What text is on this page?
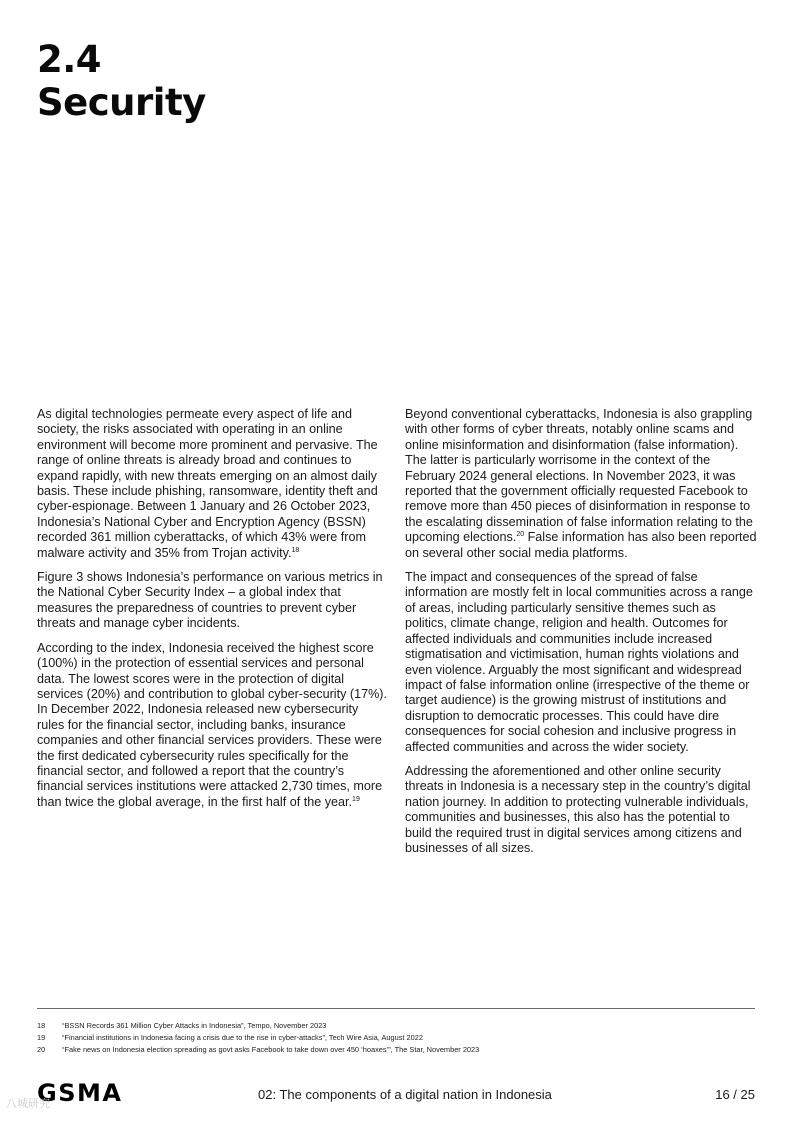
2.4
Security

As digital technologies permeate every aspect of life and society, the risks associated with operating in an online environment will become more prominent and pervasive. The range of online threats is already broad and continues to expand rapidly, with new threats emerging on an almost daily basis. These include phishing, ransomware, identity theft and cyber-espionage. Between 1 January and 26 October 2023, Indonesia’s National Cyber and Encryption Agency (BSSN) recorded 361 million cyberattacks, of which 43% were from malware activity and 35% from Trojan activity.$^{18}$

Figure 3 shows Indonesia’s performance on various metrics in the National Cyber Security Index – a global index that measures the preparedness of countries to prevent cyber threats and manage cyber incidents.

According to the index, Indonesia received the highest score (100%) in the protection of essential services and personal data. The lowest scores were in the protection of digital services (20%) and contribution to global cyber-security (17%). In December 2022, Indonesia released new cybersecurity rules for the financial sector, including banks, insurance companies and other financial services providers. These were the first dedicated cybersecurity rules specifically for the financial sector, and followed a report that the country’s financial services institutions were attacked 2,730 times, more than twice the global average, in the first half of the year.$^{19}$

Beyond conventional cyberattacks, Indonesia is also grappling with other forms of cyber threats, notably online scams and online misinformation and disinformation (false information). The latter is particularly worrisome in the context of the February 2024 general elections. In November 2023, it was reported that the government officially requested Facebook to remove more than 450 pieces of disinformation in response to the escalating dissemination of false information relating to the upcoming elections.$^{20}$ False information has also been reported on several other social media platforms.

The impact and consequences of the spread of false information are mostly felt in local communities across a range of areas, including particularly sensitive themes such as politics, climate change, religion and health. Outcomes for affected individuals and communities include increased stigmatisation and victimisation, human rights violations and even violence. Arguably the most significant and widespread impact of false information online (irrespective of the theme or target audience) is the growing mistrust of institutions and disruption to democratic processes. This could have dire consequences for social cohesion and inclusive progress in affected communities and across the wider society.

Addressing the aforementioned and other online security threats in Indonesia is a necessary step in the country’s digital nation journey. In addition to protecting vulnerable individuals, communities and businesses, this also has the potential to build the required trust in digital services among citizens and businesses of all sizes.

18	“BSSN Records 361 Million Cyber Attacks in Indonesia”, Tempo, November 2023
19	“Financial institutions in Indonesia facing a crisis due to the rise in cyber-attacks”, Tech Wire Asia, August 2022
20	“Fake news on Indonesia election spreading as govt asks Facebook to take down over 450 ‘hoaxes’”, The Star, November 2023
GSMA
八城研究
02: The components of a digital nation in Indonesia	16 / 25
